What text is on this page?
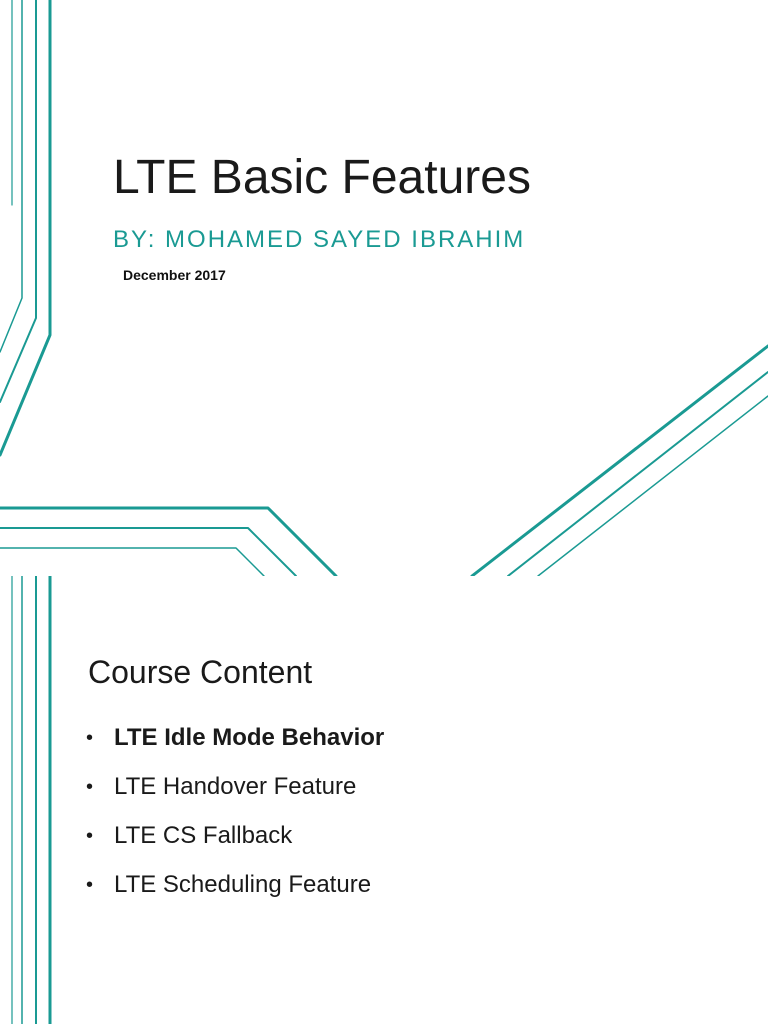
LTE Basic Features

BY: MOHAMED SAYED IBRAHIM

December 2017

Course Content
• LTE Idle Mode Behavior
• LTE Handover Feature
• LTE CS Fallback
• LTE Scheduling Feature
